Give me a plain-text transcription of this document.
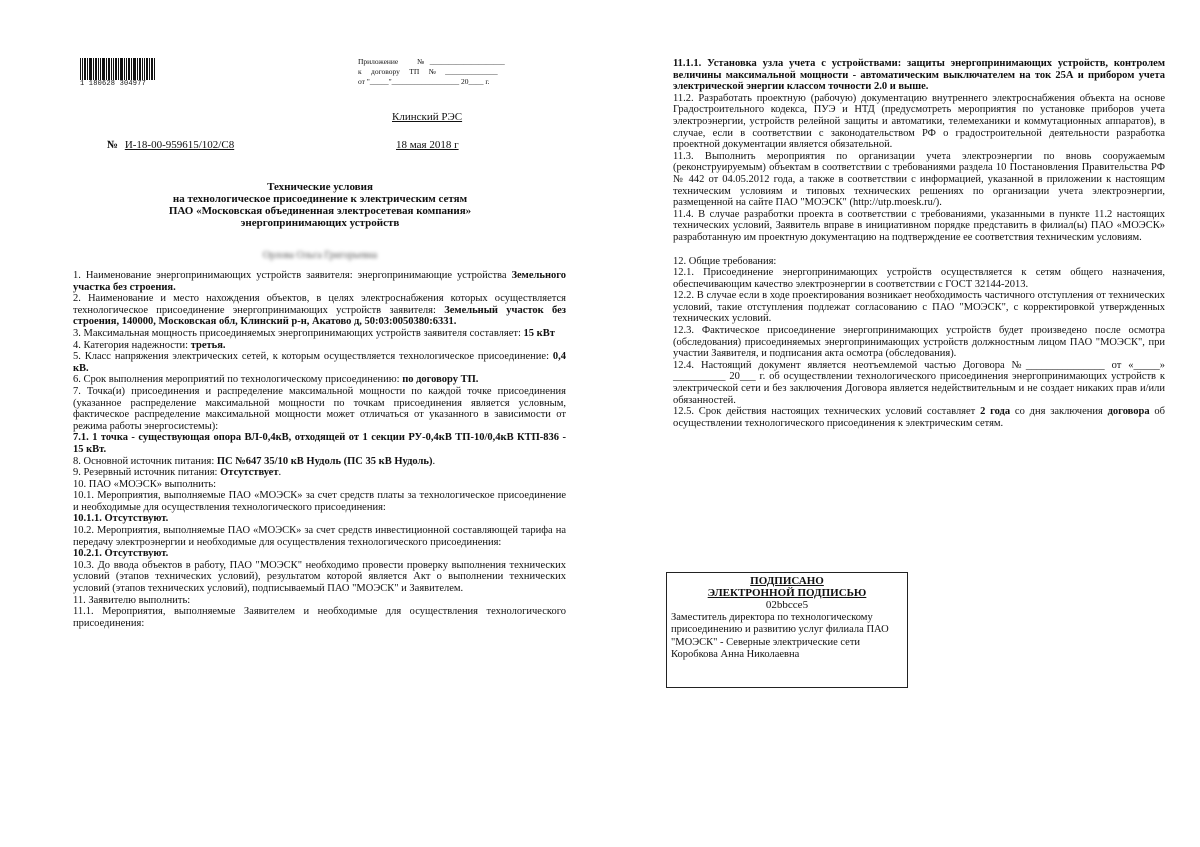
1 180628 304977
Приложение          №   ____________________
к     договору     ТП     №     ______________
от "_____"__________________ 20____ г.
Клинский РЭС
№ И-18-00-959615/102/С8	18 мая 2018 г
Технические условия
на технологическое присоединение к электрическим сетям
ПАО «Московская объединенная электросетевая компания»
энергопринимающих устройств
Орлова Ольга Григорьевна

1. Наименование энергопринимающих устройств заявителя: энергопринимающие устройства Земельного участка без строения.

2. Наименование и место нахождения объектов, в целях электроснабжения которых осуществляется технологическое присоединение энергопринимающих устройств заявителя: Земельный участок без строения, 140000, Московская обл, Клинский р-н, Акатово д, 50:03:0050380:6331.

3. Максимальная мощность присоединяемых энергопринимающих устройств заявителя составляет: 15 кВт

4. Категория надежности: третья.

5. Класс напряжения электрических сетей, к которым осуществляется технологическое присоединение: 0,4 кВ.

6. Срок выполнения мероприятий по технологическому присоединению: по договору ТП.

7. Точка(и) присоединения и распределение максимальной мощности по каждой точке присоединения (указанное распределение максимальной мощности по точкам присоединения является условным, фактическое распределение максимальной мощности может отличаться от указанного в зависимости от режима работы энергосистемы):

7.1. 1 точка - существующая опора ВЛ-0,4кВ, отходящей от 1 секции РУ-0,4кВ ТП-10/0,4кВ КТП-836 - 15 кВт.

8. Основной источник питания: ПС №647 35/10 кВ Нудоль (ПС 35 кВ Нудоль).

9. Резервный источник питания: Отсутствует.

10. ПАО «МОЭСК» выполнить:

10.1. Мероприятия, выполняемые ПАО «МОЭСК» за счет средств платы за технологическое присоединение и необходимые для осуществления технологического присоединения:

10.1.1. Отсутствуют.

10.2. Мероприятия, выполняемые ПАО «МОЭСК» за счет средств инвестиционной составляющей тарифа на передачу электроэнергии и необходимые для осуществления технологического присоединения:

10.2.1. Отсутствуют.

10.3. До ввода объектов в работу, ПАО "МОЭСК" необходимо провести проверку выполнения технических условий (этапов технических условий), результатом которой является Акт о выполнении технических условий (этапов технических условий), подписываемый ПАО "МОЭСК" и Заявителем.

11. Заявителю выполнить:

11.1. Мероприятия, выполняемые Заявителем и необходимые для осуществления технологического присоединения:

11.1.1. Установка узла учета с устройствами: защиты энергопринимающих устройств, контролем величины максимальной мощности - автоматическим выключателем на ток 25А и прибором учета электрической энергии классом точности 2.0 и выше.

11.2. Разработать проектную (рабочую) документацию внутреннего электроснабжения объекта на основе Градостроительного кодекса, ПУЭ и НТД (предусмотреть мероприятия по установке приборов учета электроэнергии, устройств релейной защиты и автоматики, телемеханики и коммутационных аппаратов), в случае, если в соответствии с законодательством РФ о градостроительной деятельности разработка проектной документации является обязательной.

11.3. Выполнить мероприятия по организации учета электроэнергии по вновь сооружаемым (реконструируемым) объектам в соответствии с требованиями раздела 10 Постановления Правительства РФ № 442 от 04.05.2012 года, а также в соответствии с информацией, указанной в приложении к настоящим техническим условиям и типовых технических решениях по организации учета электроэнергии, размещенной на сайте ПАО "МОЭСК" (http://utp.moesk.ru/).

11.4. В случае разработки проекта в соответствии с требованиями, указанными в пункте 11.2 настоящих технических условий, Заявитель вправе в инициативном порядке представить в филиал(ы) ПАО «МОЭСК» разработанную им проектную документацию на подтверждение ее соответствия техническим условиям.

12. Общие требования:

12.1. Присоединение энергопринимающих устройств осуществляется к сетям общего назначения, обеспечивающим качество электроэнергии в соответствии с ГОСТ 32144-2013.

12.2. В случае если в ходе проектирования возникает необходимость частичного отступления от технических условий, такие отступления подлежат согласованию с ПАО "МОЭСК", с корректировкой утвержденных технических условий.

12.3. Фактическое присоединение энергопринимающих устройств будет произведено после осмотра (обследования) присоединяемых энергопринимающих устройств должностным лицом ПАО "МОЭСК", при участии Заявителя, и подписания акта осмотра (обследования).

12.4. Настоящий документ является неотъемлемой частью Договора №_______________ от «_____» __________ 20___ г. об осуществлении технологического присоединения энергопринимающих устройств к электрической сети и без заключения Договора является недействительным и не создает никаких прав и/или обязанностей.

12.5. Срок действия настоящих технических условий составляет 2 года со дня заключения договора об осуществлении технологического присоединения к электрическим сетям.

ПОДПИСАНО
ЭЛЕКТРОННОЙ ПОДПИСЬЮ
02bbcce5
Заместитель директора по технологическому присоединению и развитию услуг филиала ПАО "МОЭСК" - Северные электрические сети
Коробкова Анна Николаевна
